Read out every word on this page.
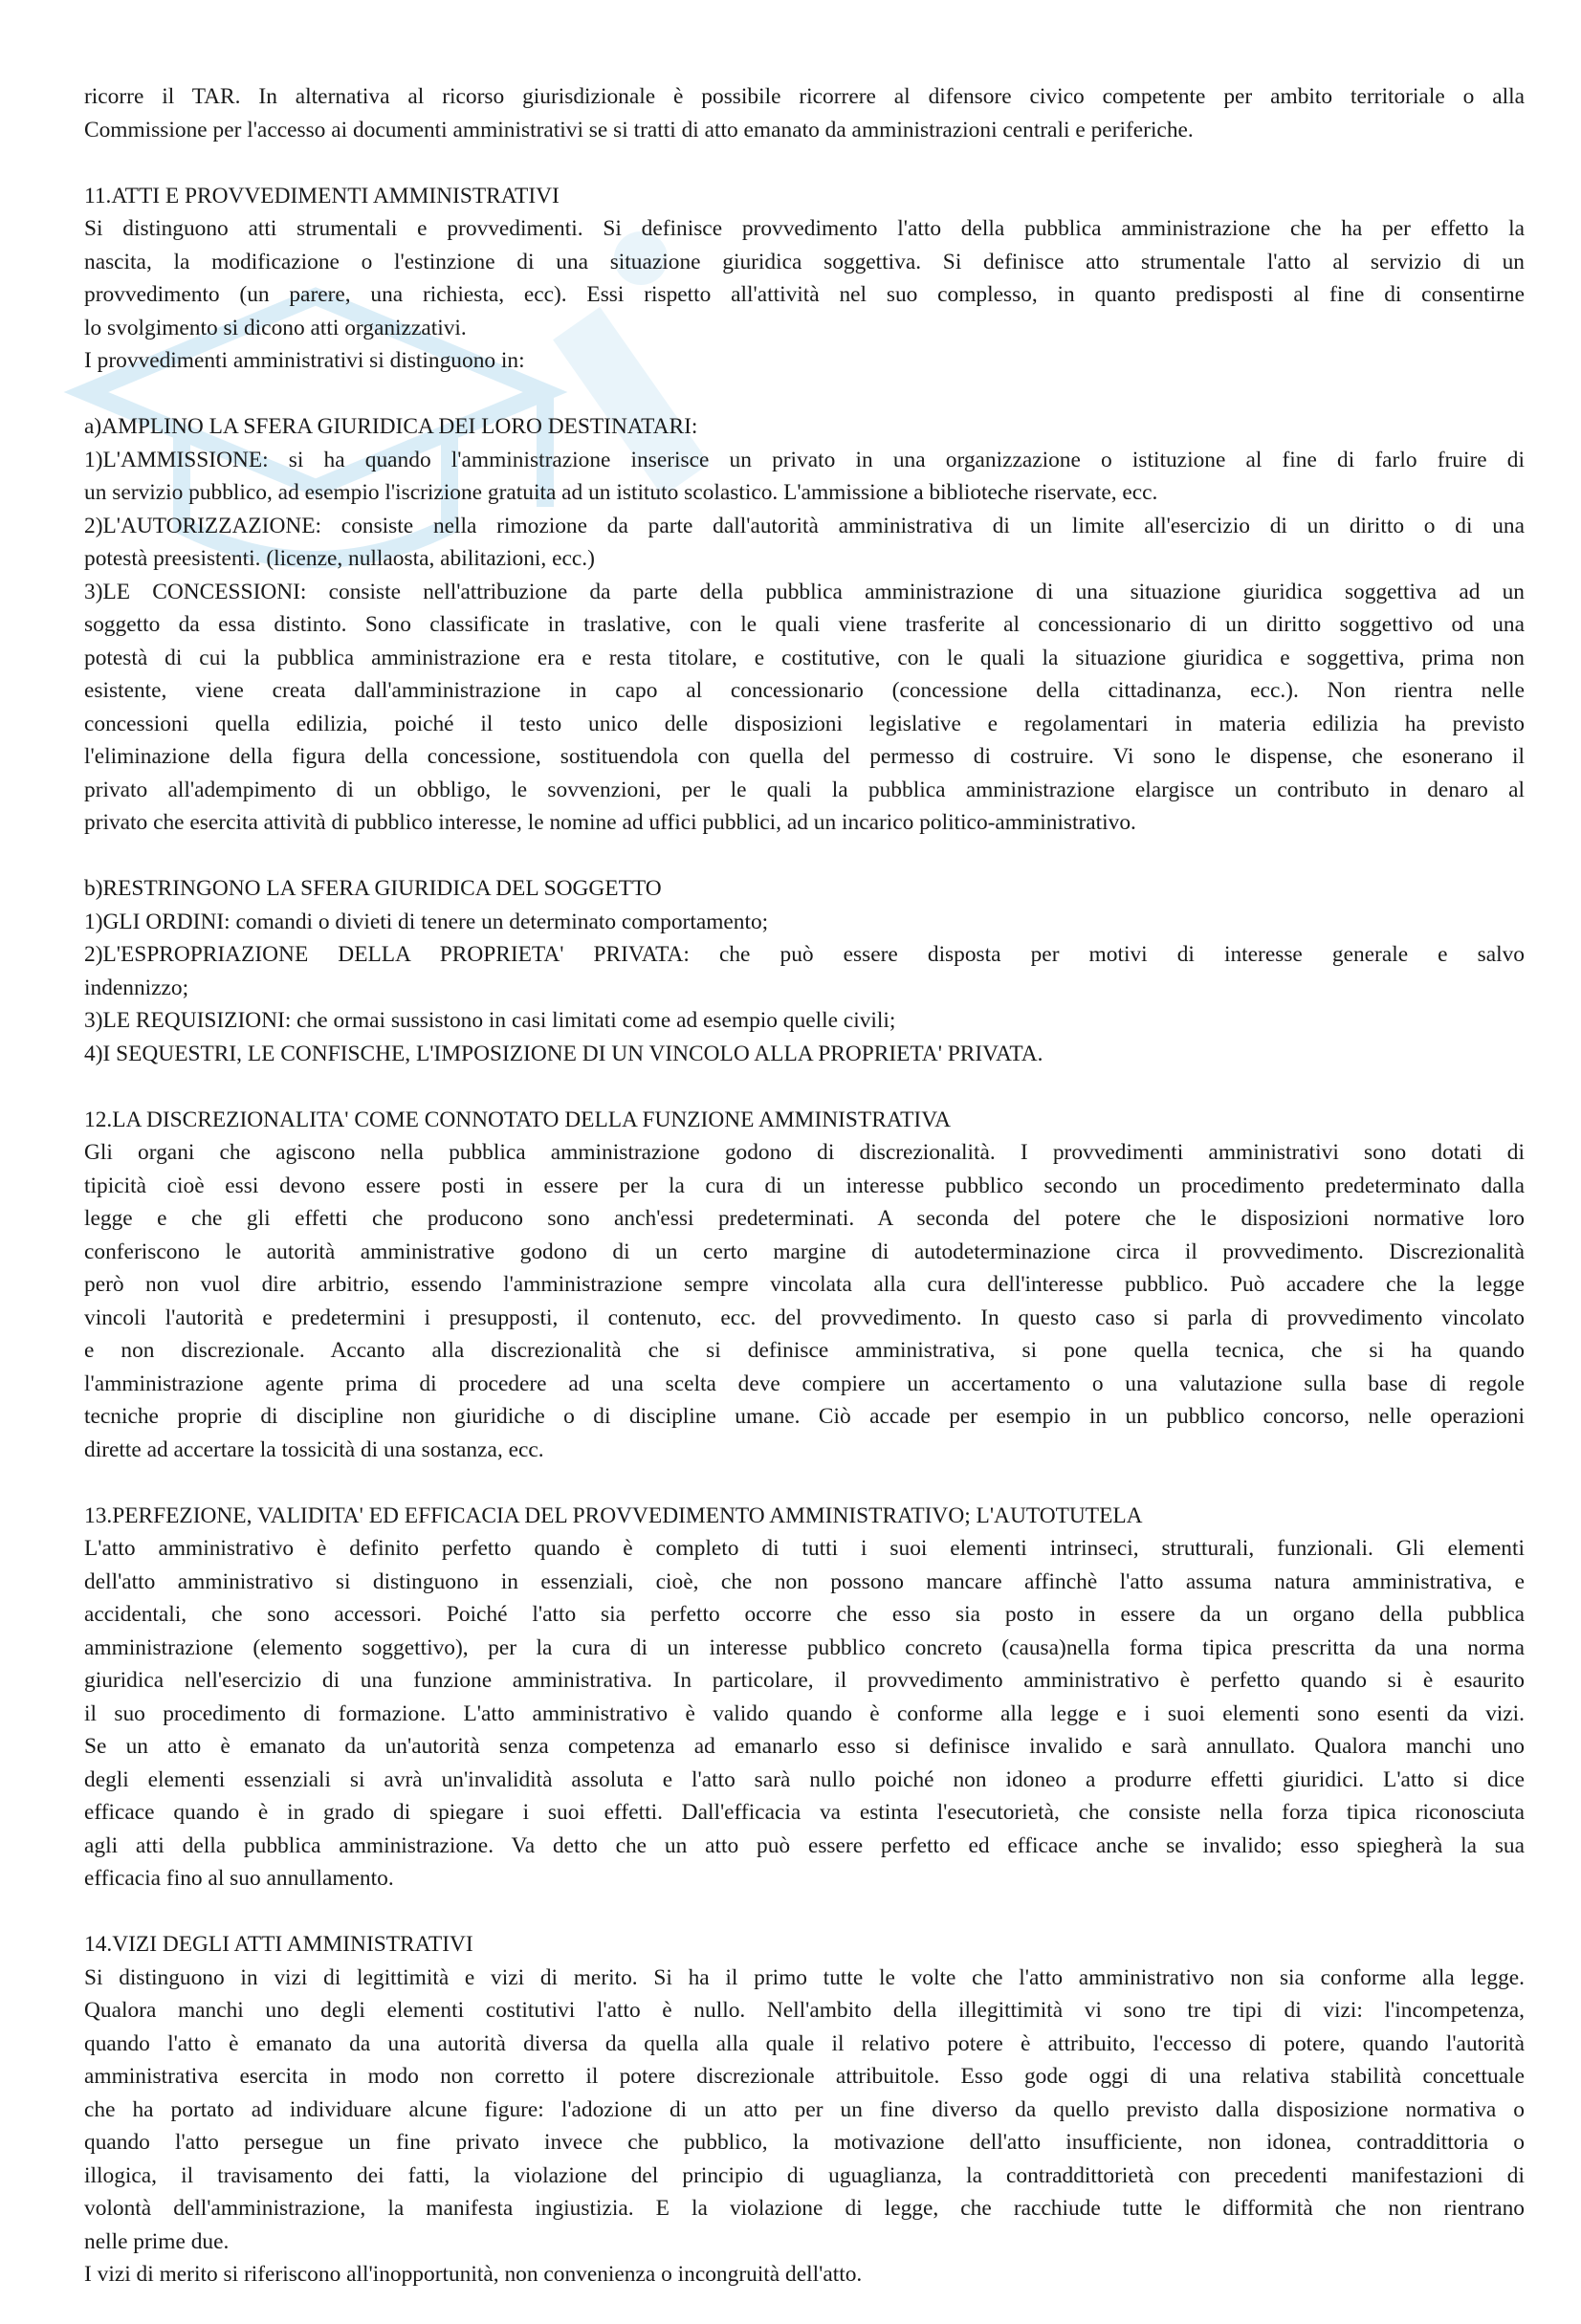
ricorre il TAR. In alternativa al ricorso giurisdizionale è possibile ricorrere al difensore civico competente per ambito territoriale o alla
Commissione per l'accesso ai documenti amministrativi se si tratti di atto emanato da amministrazioni centrali e periferiche.
11.ATTI E PROVVEDIMENTI AMMINISTRATIVI
Si distinguono atti strumentali e provvedimenti. Si definisce provvedimento l'atto della pubblica amministrazione che ha per effetto la
nascita, la modificazione o l'estinzione di una situazione giuridica soggettiva. Si definisce atto strumentale l'atto al servizio di un
provvedimento (un parere, una richiesta, ecc). Essi rispetto all'attività nel suo complesso, in quanto predisposti al fine di consentirne
lo svolgimento si dicono atti organizzativi.
I provvedimenti amministrativi si distinguono in:
a)AMPLINO LA SFERA GIURIDICA DEI LORO DESTINATARI:
1)L'AMMISSIONE: si ha quando l'amministrazione inserisce un privato in una organizzazione o istituzione al fine di farlo fruire di
un servizio pubblico, ad esempio l'iscrizione gratuita ad un istituto scolastico. L'ammissione a biblioteche riservate, ecc.
2)L'AUTORIZZAZIONE: consiste nella rimozione da parte dall'autorità amministrativa di un limite all'esercizio di un diritto o di una
potestà preesistenti. (licenze, nullaosta, abilitazioni, ecc.)
3)LE CONCESSIONI: consiste nell'attribuzione da parte della pubblica amministrazione di una situazione giuridica soggettiva ad un
soggetto da essa distinto. Sono classificate in traslative, con le quali viene trasferite al concessionario di un diritto soggettivo od una
potestà di cui la pubblica amministrazione era e resta titolare, e costitutive, con le quali la situazione giuridica e soggettiva, prima non
esistente, viene creata dall'amministrazione in capo al concessionario (concessione della cittadinanza, ecc.). Non rientra nelle
concessioni quella edilizia, poiché il testo unico delle disposizioni legislative e regolamentari in materia edilizia ha previsto
l'eliminazione della figura della concessione, sostituendola con quella del permesso di costruire. Vi sono le dispense, che esonerano il
privato all'adempimento di un obbligo, le sovvenzioni, per le quali la pubblica amministrazione elargisce un contributo in denaro al
privato che esercita attività di pubblico interesse, le nomine ad uffici pubblici, ad un incarico politico-amministrativo.
b)RESTRINGONO LA SFERA GIURIDICA DEL SOGGETTO
1)GLI ORDINI: comandi o divieti di tenere un determinato comportamento;
2)L'ESPROPRIAZIONE DELLA PROPRIETA' PRIVATA: che può essere disposta per motivi di interesse generale e salvo
indennizzo;
3)LE REQUISIZIONI: che ormai sussistono in casi limitati come ad esempio quelle civili;
4)I SEQUESTRI, LE CONFISCHE, L'IMPOSIZIONE DI UN VINCOLO ALLA PROPRIETA' PRIVATA.
12.LA DISCREZIONALITA' COME CONNOTATO DELLA FUNZIONE AMMINISTRATIVA
Gli organi che agiscono nella pubblica amministrazione godono di discrezionalità. I provvedimenti amministrativi sono dotati di
tipicità cioè essi devono essere posti in essere per la cura di un interesse pubblico secondo un procedimento predeterminato dalla
legge e che gli effetti che producono sono anch'essi predeterminati. A seconda del potere che le disposizioni normative loro
conferiscono le autorità amministrative godono di un certo margine di autodeterminazione circa il provvedimento. Discrezionalità
però non vuol dire arbitrio, essendo l'amministrazione sempre vincolata alla cura dell'interesse pubblico. Può accadere che la legge
vincoli l'autorità e predetermini i presupposti, il contenuto, ecc. del provvedimento. In questo caso si parla di provvedimento vincolato
e non discrezionale. Accanto alla discrezionalità che si definisce amministrativa, si pone quella tecnica, che si ha quando
l'amministrazione agente prima di procedere ad una scelta deve compiere un accertamento o una valutazione sulla base di regole
tecniche proprie di discipline non giuridiche o di discipline umane. Ciò accade per esempio in un pubblico concorso, nelle operazioni
dirette ad accertare la tossicità di una sostanza, ecc.
13.PERFEZIONE, VALIDITA' ED EFFICACIA DEL PROVVEDIMENTO AMMINISTRATIVO; L'AUTOTUTELA
L'atto amministrativo è definito perfetto quando è completo di tutti i suoi elementi intrinseci, strutturali, funzionali. Gli elementi
dell'atto amministrativo si distinguono in essenziali, cioè, che non possono mancare affinchè l'atto assuma natura amministrativa, e
accidentali, che sono accessori. Poiché l'atto sia perfetto occorre che esso sia posto in essere da un organo della pubblica
amministrazione (elemento soggettivo), per la cura di un interesse pubblico concreto (causa)nella forma tipica prescritta da una norma
giuridica nell'esercizio di una funzione amministrativa. In particolare, il provvedimento amministrativo è perfetto quando si è esaurito
il suo procedimento di formazione. L'atto amministrativo è valido quando è conforme alla legge e i suoi elementi sono esenti da vizi.
Se un atto è emanato da un'autorità senza competenza ad emanarlo esso si definisce invalido e sarà annullato. Qualora manchi uno
degli elementi essenziali si avrà un'invalidità assoluta e l'atto sarà nullo poiché non idoneo a produrre effetti giuridici. L'atto si dice
efficace quando è in grado di spiegare i suoi effetti. Dall'efficacia va estinta l'esecutorietà, che consiste nella forza tipica riconosciuta
agli atti della pubblica amministrazione. Va detto che un atto può essere perfetto ed efficace anche se invalido; esso spiegherà la sua
efficacia fino al suo annullamento.
14.VIZI DEGLI ATTI AMMINISTRATIVI
Si distinguono in vizi di legittimità e vizi di merito. Si ha il primo tutte le volte che l'atto amministrativo non sia conforme alla legge.
Qualora manchi uno degli elementi costitutivi l'atto è nullo. Nell'ambito della illegittimità vi sono tre tipi di vizi: l'incompetenza,
quando l'atto è emanato da una autorità diversa da quella alla quale il relativo potere è attribuito, l'eccesso di potere, quando l'autorità
amministrativa esercita in modo non corretto il potere discrezionale attribuitole. Esso gode oggi di una relativa stabilità concettuale
che ha portato ad individuare alcune figure: l'adozione di un atto per un fine diverso da quello previsto dalla disposizione normativa o
quando l'atto persegue un fine privato invece che pubblico, la motivazione dell'atto insufficiente, non idonea, contraddittoria o
illogica, il travisamento dei fatti, la violazione del principio di uguaglianza, la contraddittorietà con precedenti manifestazioni di
volontà dell'amministrazione, la manifesta ingiustizia. E la violazione di legge, che racchiude tutte le difformità che non rientrano
nelle prime due.
I vizi di merito si riferiscono all'inopportunità, non convenienza o incongruità dell'atto.
